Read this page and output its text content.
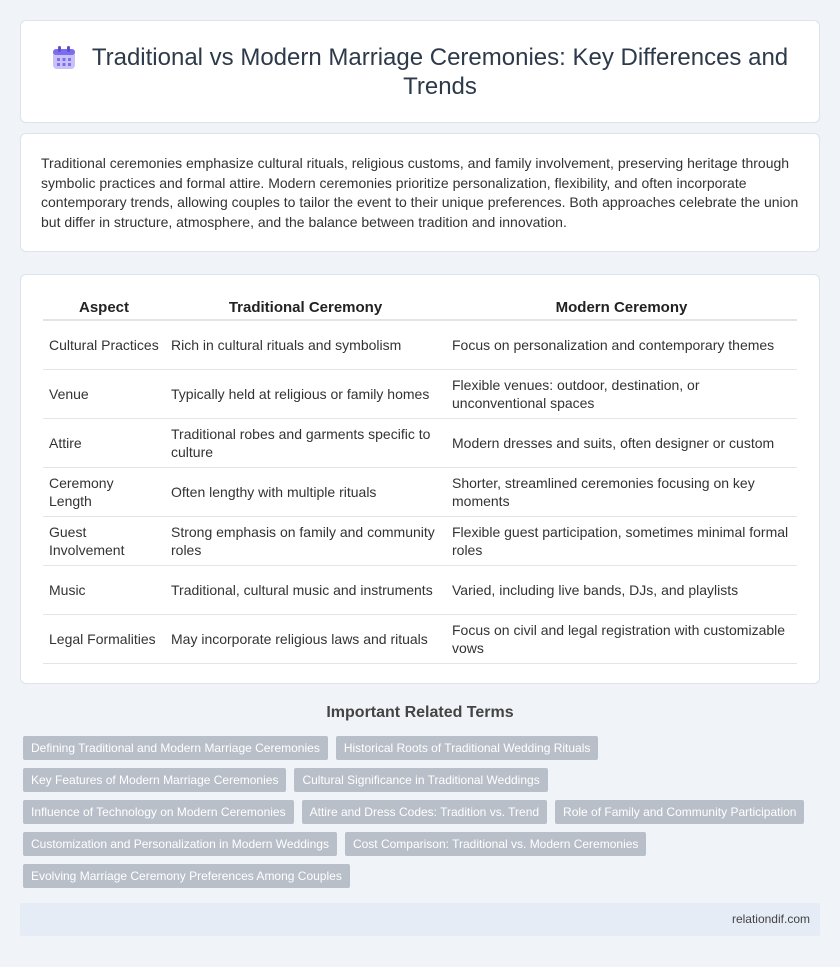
Traditional vs Modern Marriage Ceremonies: Key Differences and Trends

Traditional ceremonies emphasize cultural rituals, religious customs, and family involvement, preserving heritage through symbolic practices and formal attire. Modern ceremonies prioritize personalization, flexibility, and often incorporate contemporary trends, allowing couples to tailor the event to their unique preferences. Both approaches celebrate the union but differ in structure, atmosphere, and the balance between tradition and innovation.

Aspect	Traditional Ceremony	Modern Ceremony
Cultural Practices	Rich in cultural rituals and symbolism	Focus on personalization and contemporary themes
Venue	Typically held at religious or family homes	Flexible venues: outdoor, destination, or unconventional spaces
Attire	Traditional robes and garments specific to culture	Modern dresses and suits, often designer or custom
Ceremony Length	Often lengthy with multiple rituals	Shorter, streamlined ceremonies focusing on key moments
Guest Involvement	Strong emphasis on family and community roles	Flexible guest participation, sometimes minimal formal roles
Music	Traditional, cultural music and instruments	Varied, including live bands, DJs, and playlists
Legal Formalities	May incorporate religious laws and rituals	Focus on civil and legal registration with customizable vows
Important Related Terms
Defining Traditional and Modern Marriage Ceremonies	Historical Roots of Traditional Wedding Rituals
Key Features of Modern Marriage Ceremonies	Cultural Significance in Traditional Weddings
Influence of Technology on Modern Ceremonies	Attire and Dress Codes: Tradition vs. Trend	Role of Family and Community Participation
Customization and Personalization in Modern Weddings	Cost Comparison: Traditional vs. Modern Ceremonies
Evolving Marriage Ceremony Preferences Among Couples
relationdif.com
